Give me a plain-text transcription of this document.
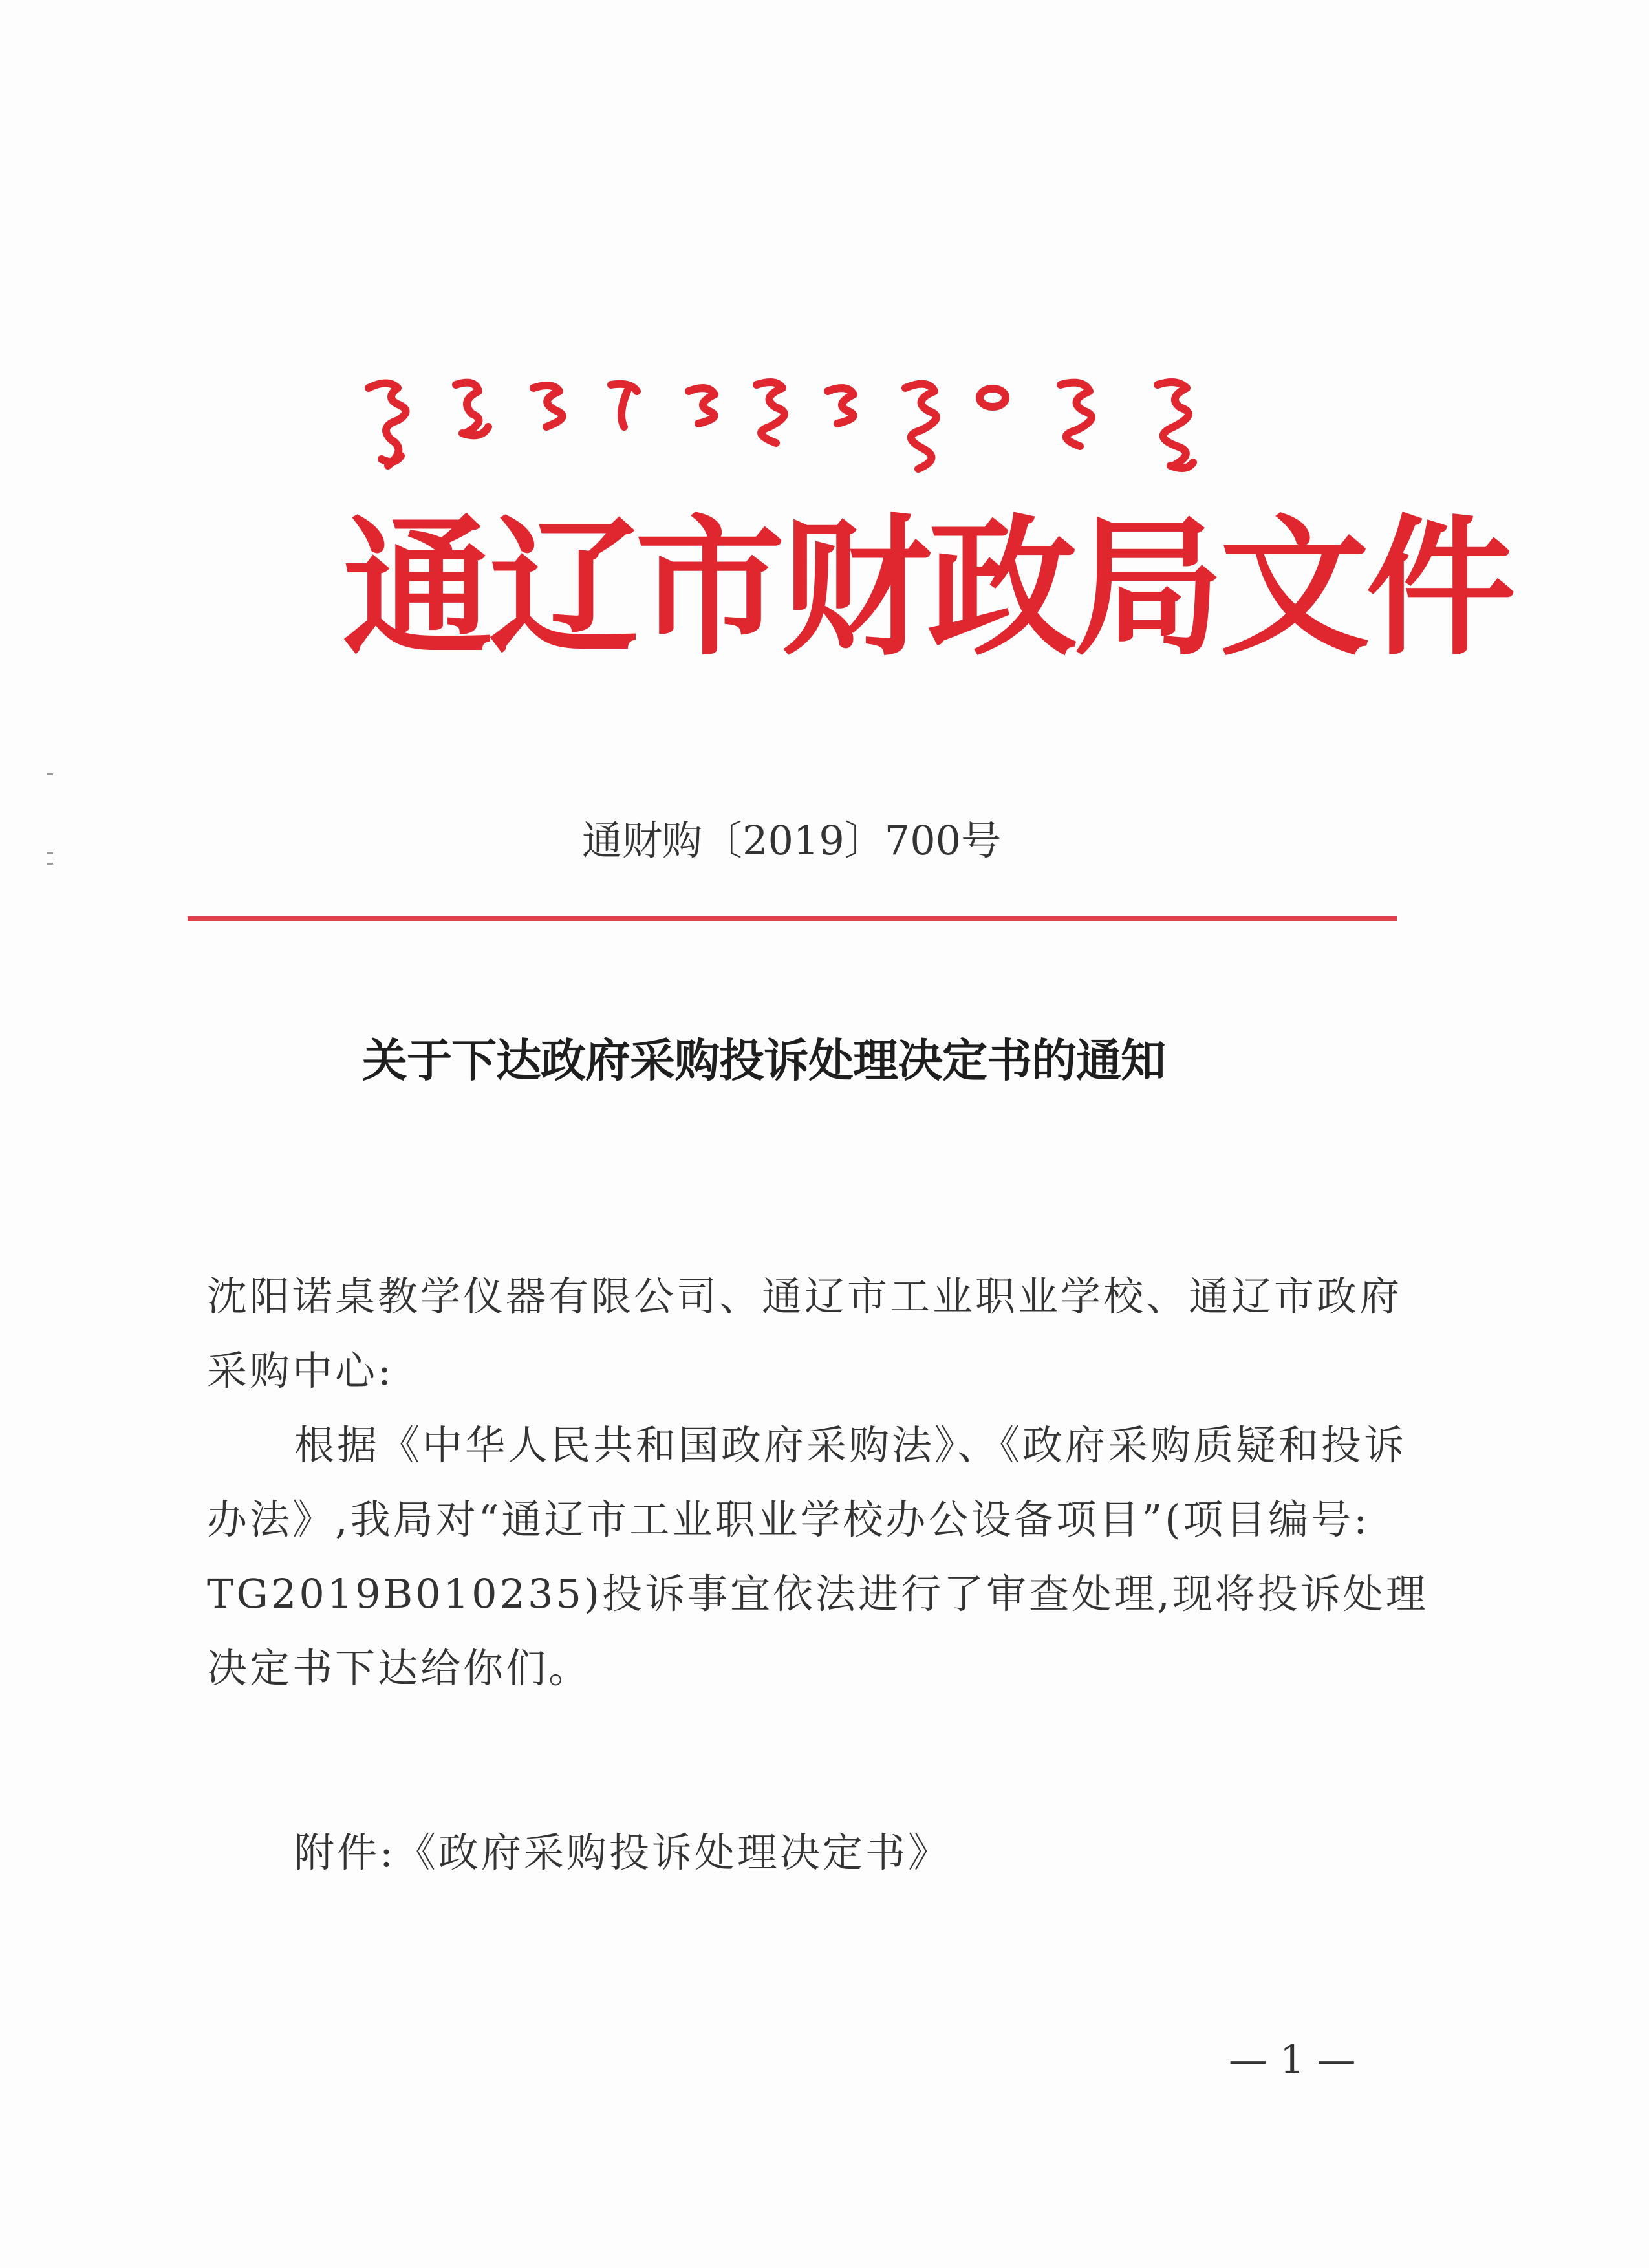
通辽市财政局文件
通财购〔2019〕700号
关于下达政府采购投诉处理决定书的通知
沈阳诺桌教学仪器有限公司、通辽市工业职业学校、通辽市政府
采购中心:
根据《中华人民共和国政府采购法》、《政府采购质疑和投诉
办法》,我局对“通辽市工业职业学校办公设备项目”(项目编号:
TG2019B010235)投诉事宜依法进行了审查处理,现将投诉处理
决定书下达给你们。
附件:《政府采购投诉处理决定书》
— 1 —
